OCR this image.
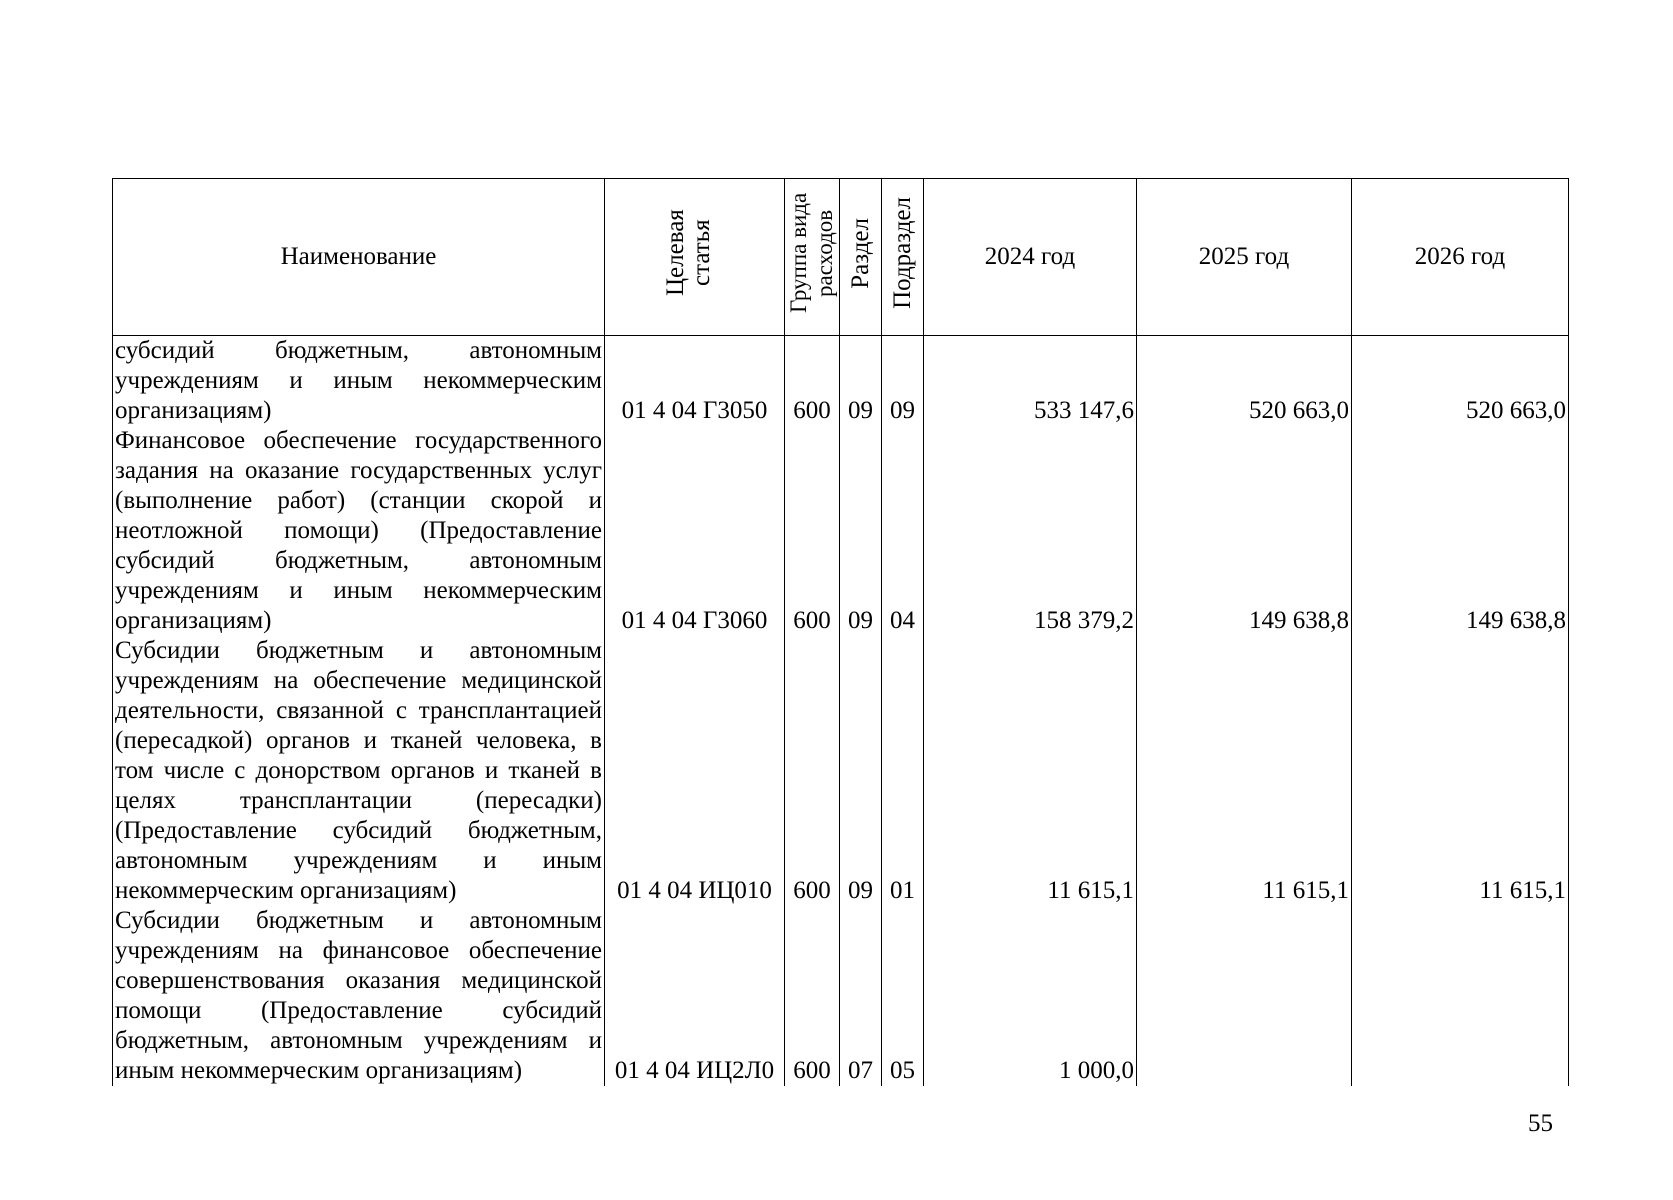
Наименование	Целевая статья	Группа вида расходов	Раздел	Подраздел	2024 год	2025 год	2026 год
субсидий бюджетным, автономным учреждениям и иным некоммерческим организациям)	01 4 04 Г3050	600	09	09	533 147,6	520 663,0	520 663,0
Финансовое обеспечение государственного задания на оказание государственных услуг (выполнение работ) (станции скорой и неотложной помощи) (Предоставление субсидий бюджетным, автономным учреждениям и иным некоммерческим организациям)	01 4 04 Г3060	600	09	04	158 379,2	149 638,8	149 638,8
Субсидии бюджетным и автономным учреждениям на обеспечение медицинской деятельности, связанной с трансплантацией (пересадкой) органов и тканей человека, в том числе с донорством органов и тканей в целях трансплантации (пересадки) (Предоставление субсидий бюджетным, автономным учреждениям и иным некоммерческим организациям)	01 4 04 ИЦ010	600	09	01	11 615,1	11 615,1	11 615,1
Субсидии бюджетным и автономным учреждениям на финансовое обеспечение совершенствования оказания медицинской помощи (Предоставление субсидий бюджетным, автономным учреждениям и иным некоммерческим организациям)	01 4 04 ИЦ2Л0	600	07	05	1 000,0		
55
